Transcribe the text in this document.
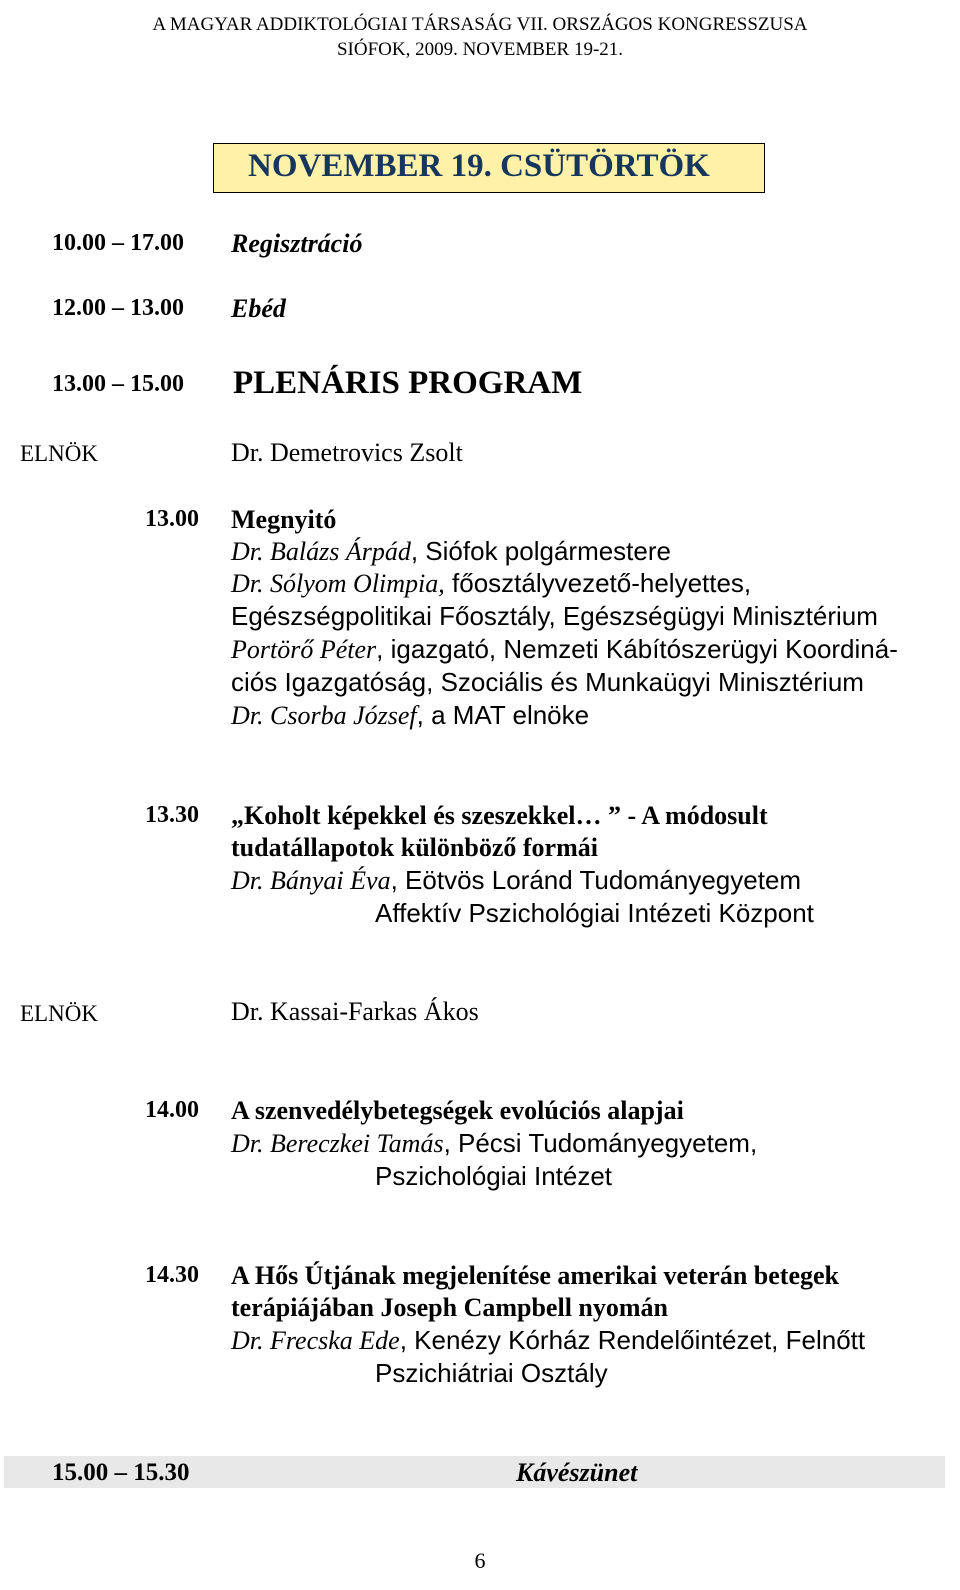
A MAGYAR ADDIKTOLÓGIAI TÁRSASÁG VII. ORSZÁGOS KONGRESSZUSA
SIÓFOK, 2009. NOVEMBER 19-21.
NOVEMBER 19. CSÜTÖRTÖK
10.00 – 17.00 Regisztráció
12.00 – 13.00 Ebéd
13.00 – 15.00 PLENÁRIS PROGRAM
ELNÖK	Dr. Demetrovics Zsolt
13.00 Megnyitó
Dr. Balázs Árpád, Siófok polgármestere
Dr. Sólyom Olimpia, főosztályvezető-helyettes,
Egészségpolitikai Főosztály, Egészségügyi Minisztérium
Portörő Péter, igazgató, Nemzeti Kábítószerügyi Koordiná-
ciós Igazgatóság, Szociális és Munkaügyi Minisztérium
Dr. Csorba József, a MAT elnöke
13.30 „Koholt képekkel és szeszekkel… ” - A módosult
tudatállapotok különböző formái
Dr. Bányai Éva, Eötvös Loránd Tudományegyetem
Affektív Pszichológiai Intézeti Központ
ELNÖK	Dr. Kassai-Farkas Ákos
14.00 A szenvedélybetegségek evolúciós alapjai
Dr. Bereczkei Tamás, Pécsi Tudományegyetem,
Pszichológiai Intézet
14.30 A Hős Útjának megjelenítése amerikai veterán betegek
terápiájában Joseph Campbell nyomán
Dr. Frecska Ede, Kenézy Kórház Rendelőintézet, Felnőtt
Pszichiátriai Osztály
15.00 – 15.30	Kávészünet
6
